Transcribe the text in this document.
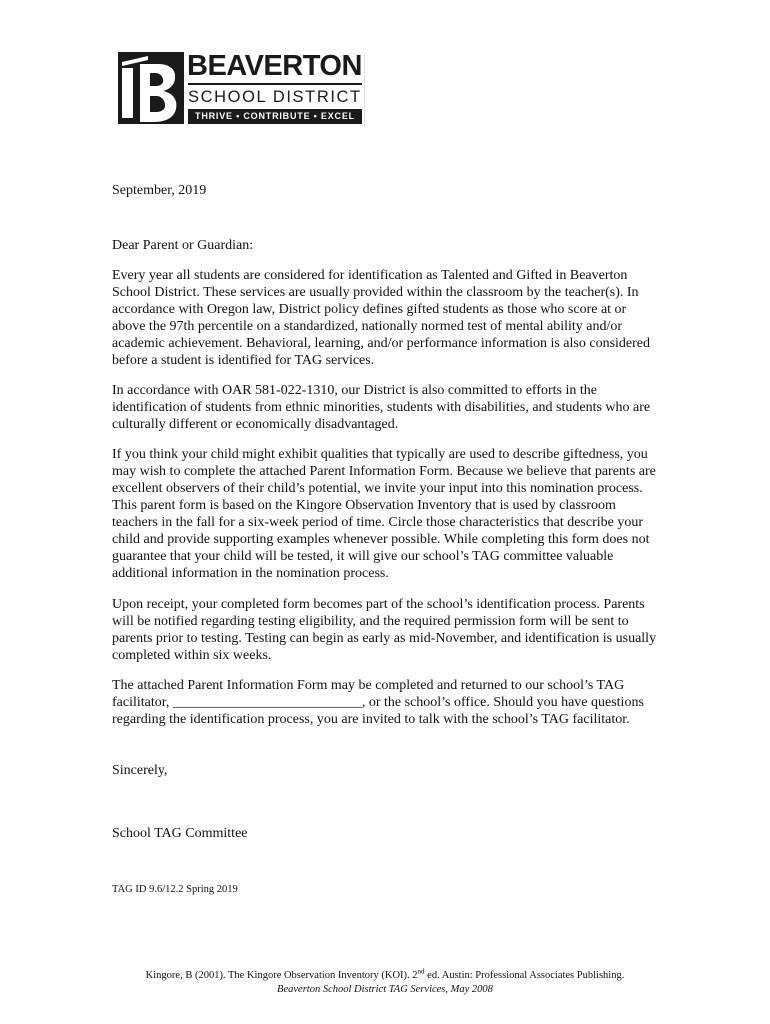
BEAVERTON
SCHOOL DISTRICT
THRIVE • CONTRIBUTE • EXCEL

September, 2019

Dear Parent or Guardian:

Every year all students are considered for identification as Talented and Gifted in Beaverton School District. These services are usually provided within the classroom by the teacher(s). In accordance with Oregon law, District policy defines gifted students as those who score at or above the 97th percentile on a standardized, nationally normed test of mental ability and/or academic achievement. Behavioral, learning, and/or performance information is also considered before a student is identified for TAG services.

In accordance with OAR 581-022-1310, our District is also committed to efforts in the identification of students from ethnic minorities, students with disabilities, and students who are culturally different or economically disadvantaged.

If you think your child might exhibit qualities that typically are used to describe giftedness, you may wish to complete the attached Parent Information Form. Because we believe that parents are excellent observers of their child’s potential, we invite your input into this nomination process. This parent form is based on the Kingore Observation Inventory that is used by classroom teachers in the fall for a six-week period of time. Circle those characteristics that describe your child and provide supporting examples whenever possible. While completing this form does not guarantee that your child will be tested, it will give our school’s TAG committee valuable additional information in the nomination process.

Upon receipt, your completed form becomes part of the school’s identification process. Parents will be notified regarding testing eligibility, and the required permission form will be sent to parents prior to testing. Testing can begin as early as mid-November, and identification is usually completed within six weeks.

The attached Parent Information Form may be completed and returned to our school’s TAG facilitator, ___________________________, or the school’s office. Should you have questions regarding the identification process, you are invited to talk with the school’s TAG facilitator.

Sincerely,

School TAG Committee

TAG ID 9.6/12.2 Spring 2019
Kingore, B (2001). The Kingore Observation Inventory (KOI). 2nd ed. Austin: Professional Associates Publishing.
Beaverton School District TAG Services, May 2008
